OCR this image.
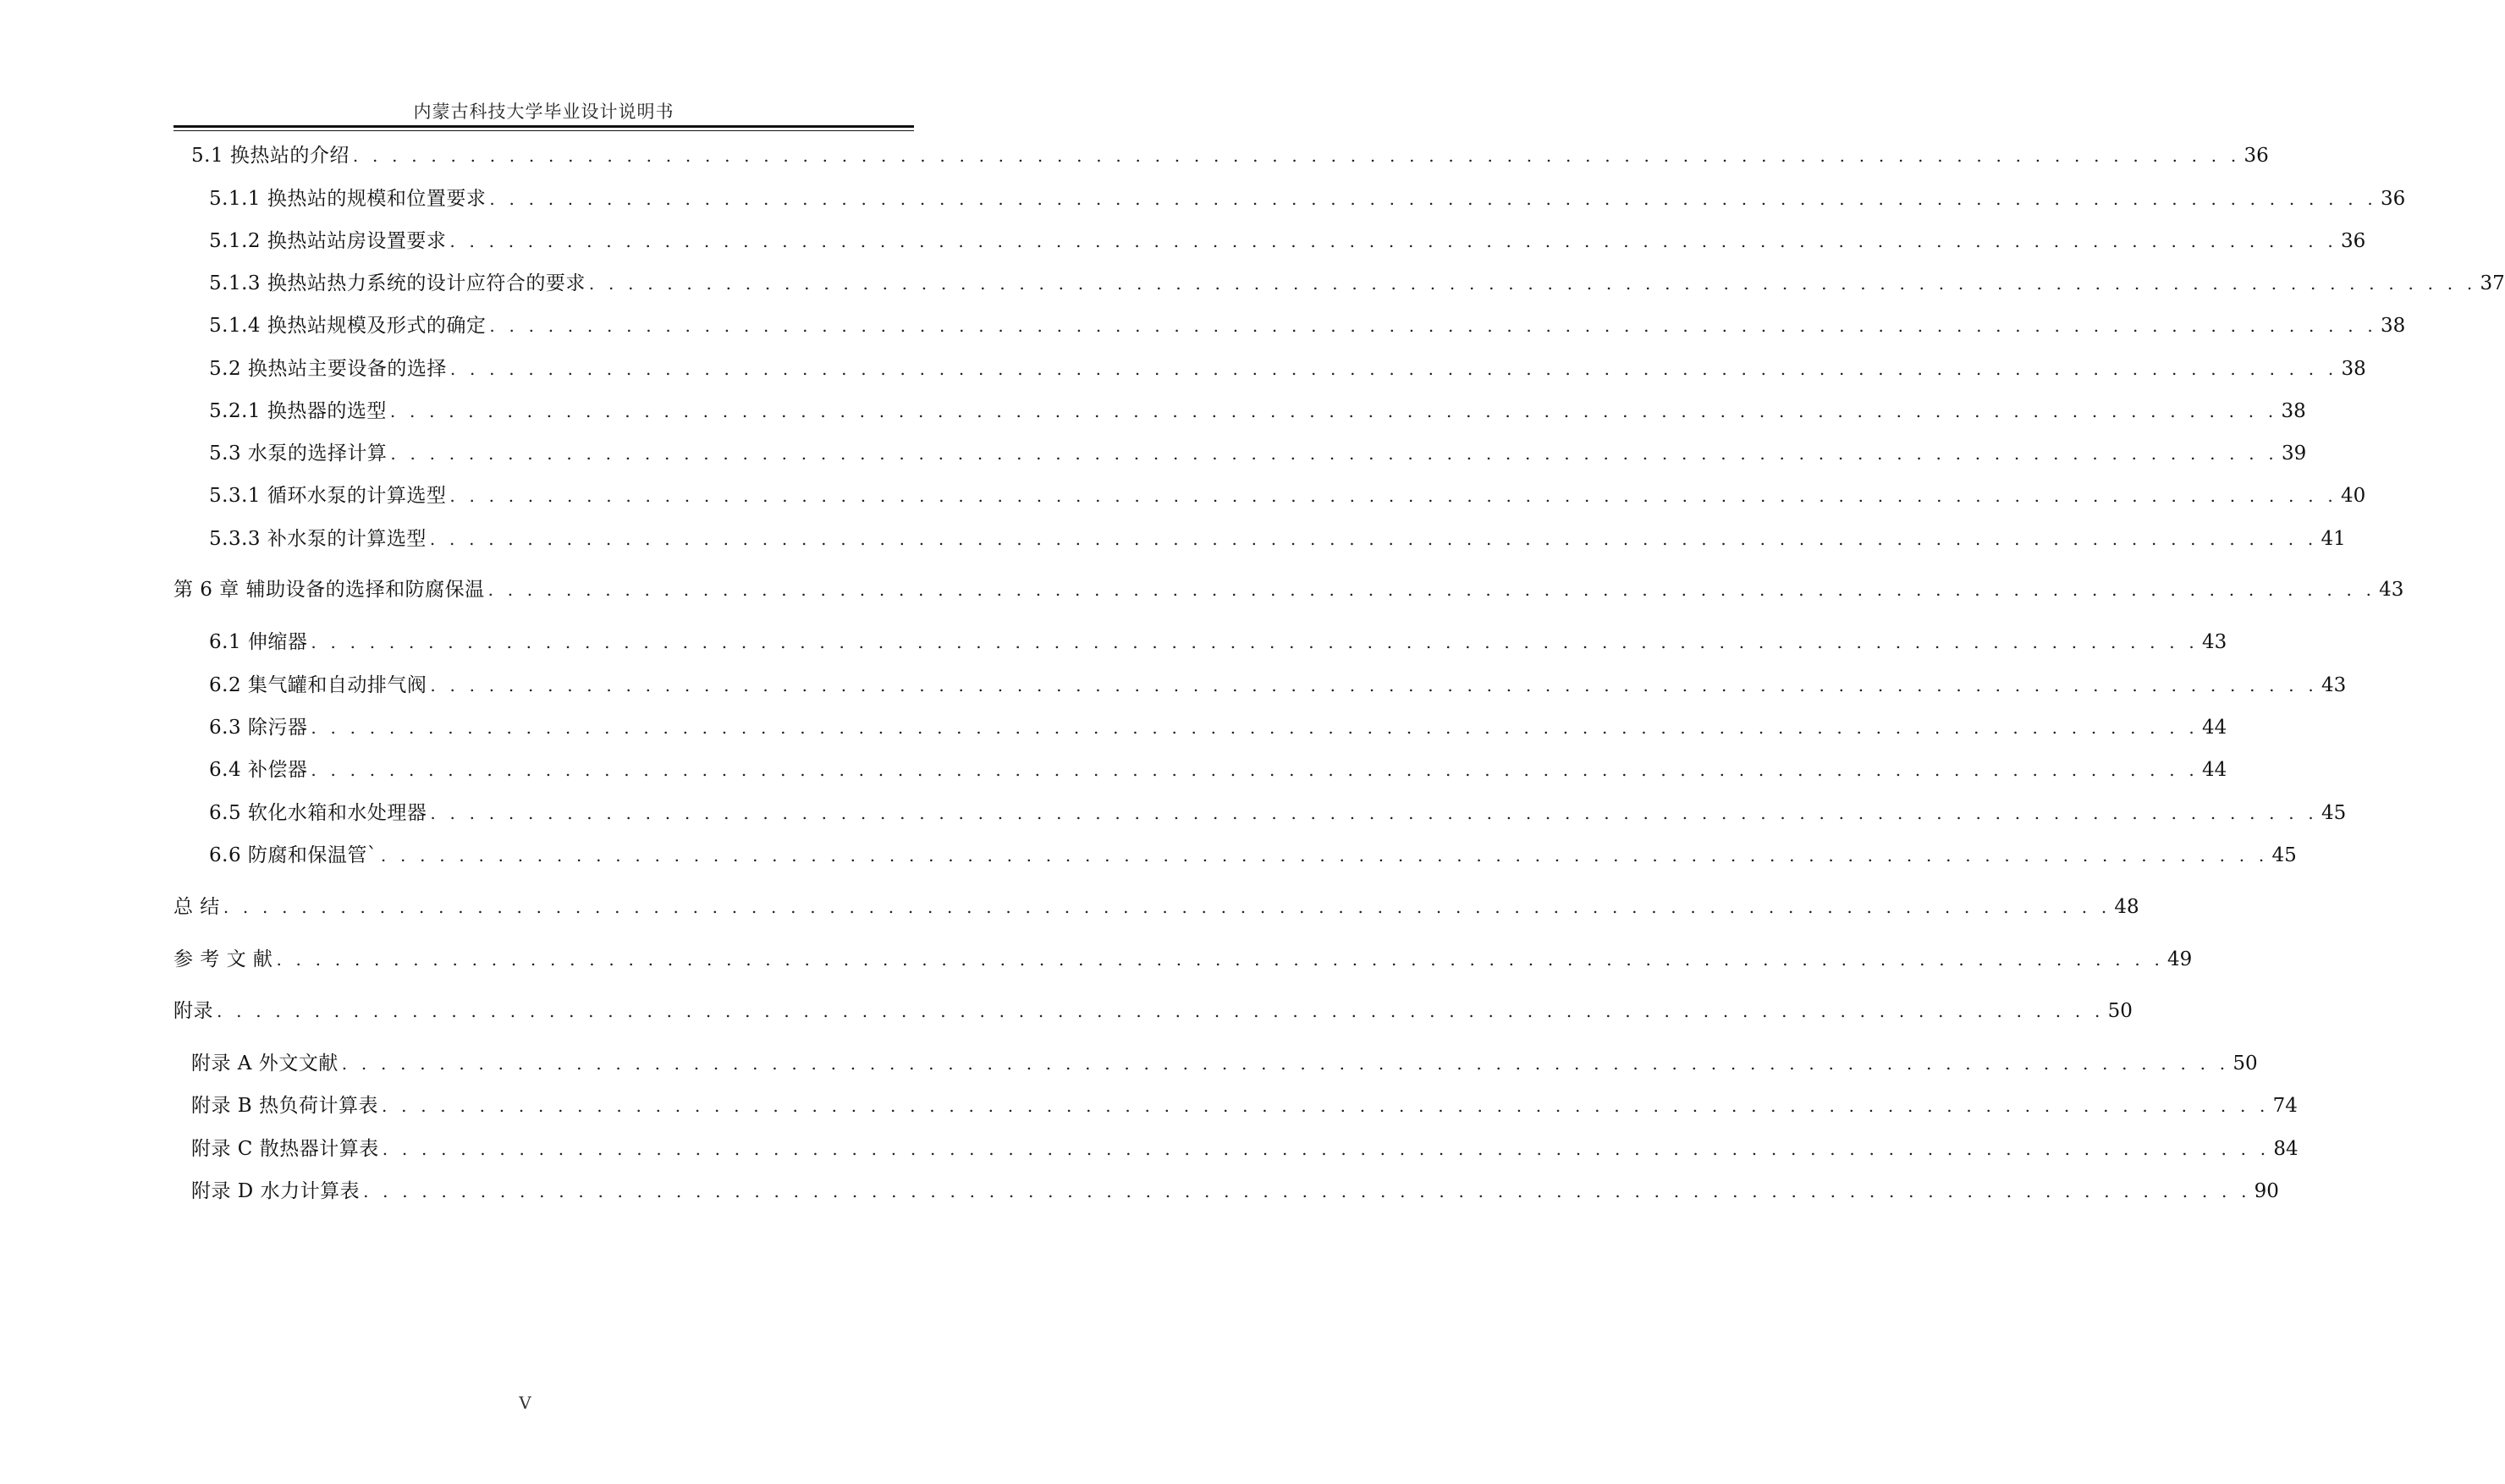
内蒙古科技大学毕业设计说明书
5.1 换热站的介绍 . . . . . . . . . . . . . . . . . . . . . . . . . . . . . . . . . . . . . . . . . . . . . . . . . . . . . . . . . . . . . . . . . . . . . . . . . . . . . . . . . . . . . . . . . . . . . . . . . 36
5.1.1 换热站的规模和位置要求 . . . . . . . . . . . . . . . . . . . . . . . . . . . . . . . . . . . . . . . . . . . . . . . . . . . . . . . . . . . . . . . . . . . . . . . . . . . . . . . . . . . . . . . . . . . . . . . . . 36
5.1.2 换热站站房设置要求 . . . . . . . . . . . . . . . . . . . . . . . . . . . . . . . . . . . . . . . . . . . . . . . . . . . . . . . . . . . . . . . . . . . . . . . . . . . . . . . . . . . . . . . . . . . . . . . . . 36
5.1.3 换热站热力系统的设计应符合的要求 . . . . . . . . . . . . . . . . . . . . . . . . . . . . . . . . . . . . . . . . . . . . . . . . . . . . . . . . . . . . . . . . . . . . . . . . . . . . . . . . . . . . . . . . . . . . . . . . . 37
5.1.4 换热站规模及形式的确定 . . . . . . . . . . . . . . . . . . . . . . . . . . . . . . . . . . . . . . . . . . . . . . . . . . . . . . . . . . . . . . . . . . . . . . . . . . . . . . . . . . . . . . . . . . . . . . . . . 38
5.2 换热站主要设备的选择 . . . . . . . . . . . . . . . . . . . . . . . . . . . . . . . . . . . . . . . . . . . . . . . . . . . . . . . . . . . . . . . . . . . . . . . . . . . . . . . . . . . . . . . . . . . . . . . . . 38
5.2.1 换热器的选型 . . . . . . . . . . . . . . . . . . . . . . . . . . . . . . . . . . . . . . . . . . . . . . . . . . . . . . . . . . . . . . . . . . . . . . . . . . . . . . . . . . . . . . . . . . . . . . . . . 38
5.3 水泵的选择计算 . . . . . . . . . . . . . . . . . . . . . . . . . . . . . . . . . . . . . . . . . . . . . . . . . . . . . . . . . . . . . . . . . . . . . . . . . . . . . . . . . . . . . . . . . . . . . . . . . 39
5.3.1 循环水泵的计算选型 . . . . . . . . . . . . . . . . . . . . . . . . . . . . . . . . . . . . . . . . . . . . . . . . . . . . . . . . . . . . . . . . . . . . . . . . . . . . . . . . . . . . . . . . . . . . . . . . . 40
5.3.3 补水泵的计算选型 . . . . . . . . . . . . . . . . . . . . . . . . . . . . . . . . . . . . . . . . . . . . . . . . . . . . . . . . . . . . . . . . . . . . . . . . . . . . . . . . . . . . . . . . . . . . . . . . . 41
第 6 章 辅助设备的选择和防腐保温 . . . . . . . . . . . . . . . . . . . . . . . . . . . . . . . . . . . . . . . . . . . . . . . . . . . . . . . . . . . . . . . . . . . . . . . . . . . . . . . . . . . . . . . . . . . . . . . . . 43
6.1 伸缩器 . . . . . . . . . . . . . . . . . . . . . . . . . . . . . . . . . . . . . . . . . . . . . . . . . . . . . . . . . . . . . . . . . . . . . . . . . . . . . . . . . . . . . . . . . . . . . . . . . 43
6.2 集气罐和自动排气阀 . . . . . . . . . . . . . . . . . . . . . . . . . . . . . . . . . . . . . . . . . . . . . . . . . . . . . . . . . . . . . . . . . . . . . . . . . . . . . . . . . . . . . . . . . . . . . . . . . 43
6.3 除污器 . . . . . . . . . . . . . . . . . . . . . . . . . . . . . . . . . . . . . . . . . . . . . . . . . . . . . . . . . . . . . . . . . . . . . . . . . . . . . . . . . . . . . . . . . . . . . . . . . 44
6.4 补偿器 . . . . . . . . . . . . . . . . . . . . . . . . . . . . . . . . . . . . . . . . . . . . . . . . . . . . . . . . . . . . . . . . . . . . . . . . . . . . . . . . . . . . . . . . . . . . . . . . . 44
6.5 软化水箱和水处理器 . . . . . . . . . . . . . . . . . . . . . . . . . . . . . . . . . . . . . . . . . . . . . . . . . . . . . . . . . . . . . . . . . . . . . . . . . . . . . . . . . . . . . . . . . . . . . . . . . 45
6.6 防腐和保温管` . . . . . . . . . . . . . . . . . . . . . . . . . . . . . . . . . . . . . . . . . . . . . . . . . . . . . . . . . . . . . . . . . . . . . . . . . . . . . . . . . . . . . . . . . . . . . . . . . 45
总 结 . . . . . . . . . . . . . . . . . . . . . . . . . . . . . . . . . . . . . . . . . . . . . . . . . . . . . . . . . . . . . . . . . . . . . . . . . . . . . . . . . . . . . . . . . . . . . . . . . 48
参 考 文 献 . . . . . . . . . . . . . . . . . . . . . . . . . . . . . . . . . . . . . . . . . . . . . . . . . . . . . . . . . . . . . . . . . . . . . . . . . . . . . . . . . . . . . . . . . . . . . . . . . 49
附录 . . . . . . . . . . . . . . . . . . . . . . . . . . . . . . . . . . . . . . . . . . . . . . . . . . . . . . . . . . . . . . . . . . . . . . . . . . . . . . . . . . . . . . . . . . . . . . . . . 50
附录 A 外文文献 . . . . . . . . . . . . . . . . . . . . . . . . . . . . . . . . . . . . . . . . . . . . . . . . . . . . . . . . . . . . . . . . . . . . . . . . . . . . . . . . . . . . . . . . . . . . . . . . . 50
附录 B 热负荷计算表 . . . . . . . . . . . . . . . . . . . . . . . . . . . . . . . . . . . . . . . . . . . . . . . . . . . . . . . . . . . . . . . . . . . . . . . . . . . . . . . . . . . . . . . . . . . . . . . . . 74
附录 C 散热器计算表 . . . . . . . . . . . . . . . . . . . . . . . . . . . . . . . . . . . . . . . . . . . . . . . . . . . . . . . . . . . . . . . . . . . . . . . . . . . . . . . . . . . . . . . . . . . . . . . . . 84
附录 D 水力计算表 . . . . . . . . . . . . . . . . . . . . . . . . . . . . . . . . . . . . . . . . . . . . . . . . . . . . . . . . . . . . . . . . . . . . . . . . . . . . . . . . . . . . . . . . . . . . . . . . . 90
V
